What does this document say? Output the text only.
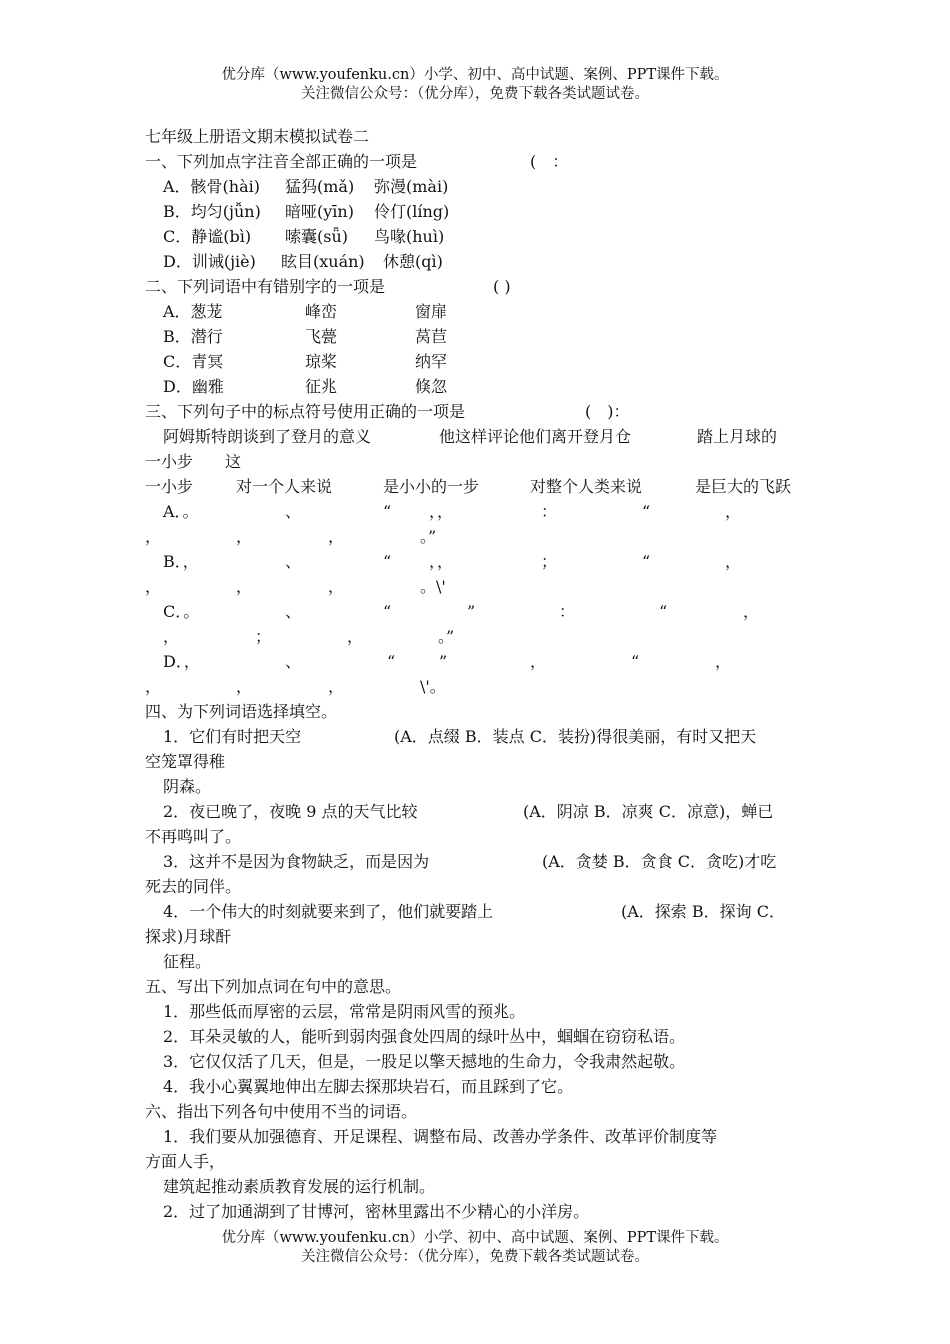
优分库（www.youfenku.cn）小学、初中、高中试题、案例、PPT课件下载。
关注微信公众号：（优分库），免费下载各类试题试卷。
七年级上册语文期末模拟试卷二
一、下列加点字注音全部正确的一项是	(　：
A．骸骨(hài) 猛犸(mǎ) 弥漫(mài)
B．均匀(jǚn) 暗哑(yīn) 伶仃(líng)
C．静谧(bì) 嗦囊(sǖ) 鸟喙(huì)
D．训诫(jiè) 眩目(xuán) 休憩(qì)
二、下列词语中有错别字的一项是	( )
A．葱茏	峰峦	窗扉
B．潜行	飞甍	莴苣
C．青冥	琼桨	纳罕
D．幽雅	征兆	倏忽
三、下列句子中的标点符号使用正确的一项是	(　)：
阿姆斯特朗谈到了登月的意义	他这样评论他们离开登月仓	踏上月球的
一小步　　这
一小步	对一个人来说	是小小的一步	对整个人类来说	是巨大的飞跃
A．。	、	“ ，，	：	“	，
，	，	，	。”
B．，	、	“ ，，	；	“	，
，	，	，	。\'
C．。	、	“	”	：	“	，
，	；	，	。”
D．，	、	“	”	，	“	，
，	，	，	\'。
四、为下列词语选择填空。
1．它们有时把天空	(A．点缀 B．装点 C．装扮)得很美丽，有时又把天
空笼罩得稚
阴森。
2．夜已晚了，夜晚 9 点的天气比较	(A．阴凉 B．凉爽 C．凉意)，蝉已
不再鸣叫了。
3．这并不是因为食物缺乏，而是因为	(A．贪婪 B．贪食 C．贪吃)才吃
死去的同伴。
4．一个伟大的时刻就要来到了，他们就要踏上	(A．探索 B．探询 C．
探求)月球酐
征程。
五、写出下列加点词在句中的意思。
1．那些低而厚密的云层，常常是阴雨风雪的预兆。
2．耳朵灵敏的人，能听到弱肉强食处四周的绿叶丛中，蝈蝈在窃窃私语。
3．它仅仅活了几天，但是，一股足以擎天撼地的生命力，令我肃然起敬。
4．我小心翼翼地伸出左脚去探那块岩石，而且踩到了它。
六、指出下列各句中使用不当的词语。
1．我们要从加强德育、开足课程、调整布局、改善办学条件、改革评价制度等
方面人手，
建筑起推动素质教育发展的运行机制。
2．过了加通湖到了甘博河，密林里露出不少精心的小洋房。
优分库（www.youfenku.cn）小学、初中、高中试题、案例、PPT课件下载。
关注微信公众号：（优分库），免费下载各类试题试卷。
